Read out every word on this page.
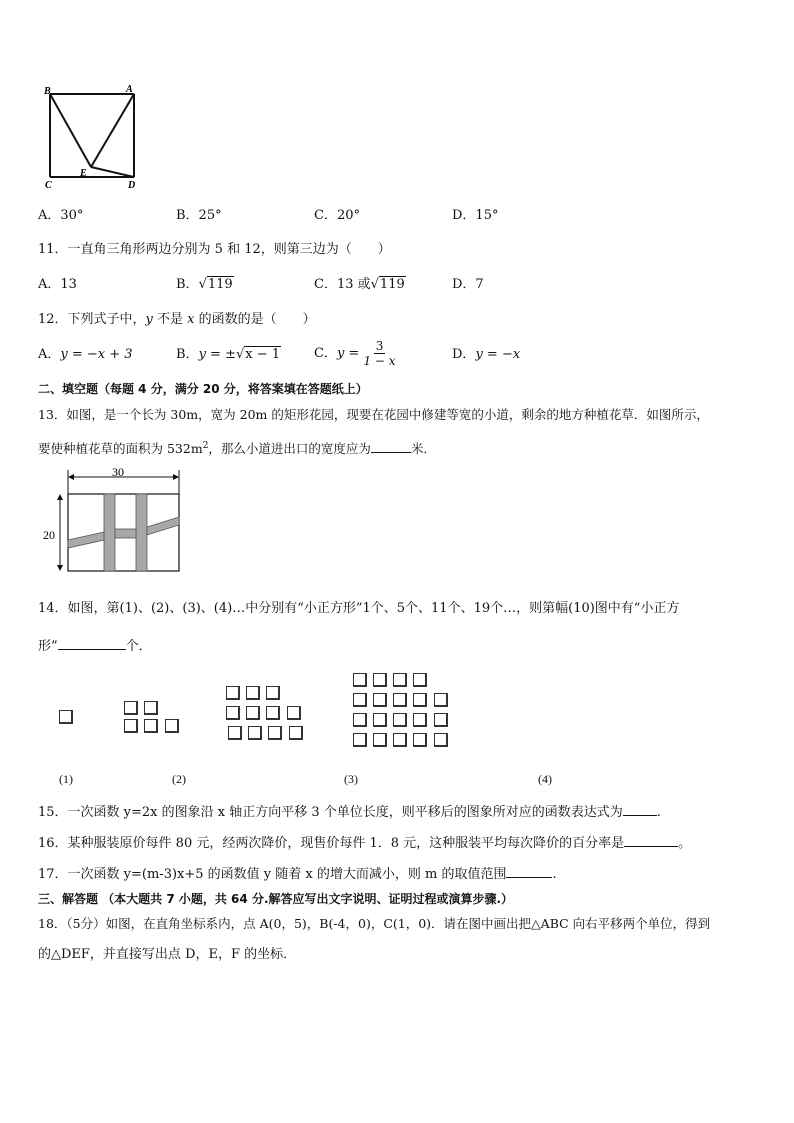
B	A
C
E
D
A．30°	B．25°	C．20°	D．15°
11．一直角三角形两边分别为 5 和 12，则第三边为（　　）
A．13	B．√119	C．13 或√119	D．7
12．下列式子中，y 不是 x 的函数的是（　　）
A．y = −x + 3	B．y = ±√x − 1	C．$y = \frac{3}{1 - x}$	D．y = −x
二、填空题（每题 4 分，满分 20 分，将答案填在答题纸上）
13．如图，是一个长为 30m，宽为 20m 的矩形花园，现要在花园中修建等宽的小道，剩余的地方种植花草．如图所示，
要使种植花草的面积为 $532m^2$，那么小道进出口的宽度应为	米．
30
20
14．如图，第(1)、(2)、(3)、(4)…中分别有“小正方形”1个、5个、11个、19个…，则第幅(10)图中有“小正方
形”	个．
(1)	(2)	(3)	(4)
15．一次函数 y=2x 的图象沿 x 轴正方向平移 3 个单位长度，则平移后的图象所对应的函数表达式为	.
16．某种服装原价每件 80 元，经两次降价，现售价每件 1．8 元，这种服装平均每次降价的百分率是	。
17．一次函数 y=(m-3)x+5 的函数值 y 随着 x 的增大而减小，则 m 的取值范围	.
三、解答题 （本大题共 7 小题，共 64 分.解答应写出文字说明、证明过程或演算步骤.）
18．（5分）如图，在直角坐标系内，点 A(0，5)，B(-4，0)，C(1，0)．请在图中画出把△ABC 向右平移两个单位，得到
的△DEF，并直接写出点 D，E，F 的坐标．
